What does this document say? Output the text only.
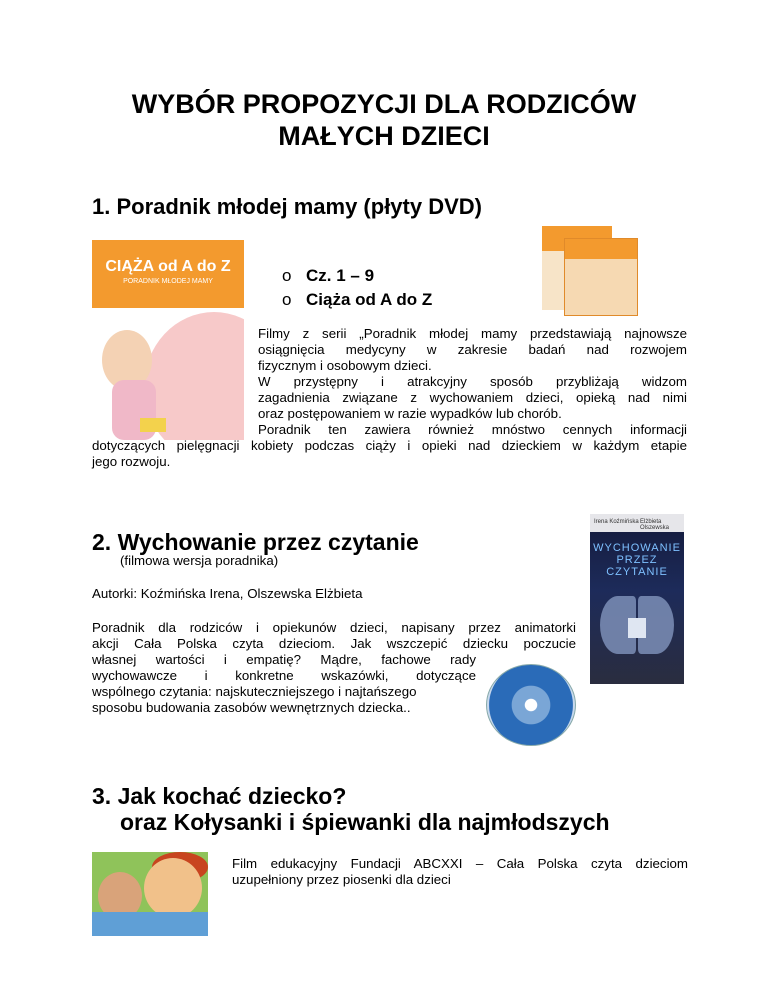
WYBÓR PROPOZYCJI DLA RODZICÓW
MAŁYCH DZIECI
1. Poradnik młodej mamy (płyty DVD)
CIĄŻA od A do Z
PORADNIK MŁODEJ MAMY	o Cz. 1 – 9
o Ciąża od A do Z
Filmy z serii „Poradnik młodej mamy przedstawiają najnowsze
osiągnięcia medycyny w zakresie badań nad rozwojem
fizycznym i osobowym dzieci.
W przystępny i atrakcyjny sposób przybliżają widzom
zagadnienia związane z wychowaniem dzieci, opieką nad nimi
oraz postępowaniem w razie wypadków lub chorób.
Poradnik ten zawiera również mnóstwo cennych informacji
dotyczących pielęgnacji kobiety podczas ciąży i opieki nad dzieckiem w każdym etapie
jego rozwoju.
2. Wychowanie przez czytanie
(filmowa wersja poradnika)
Autorki: Koźmińska Irena, Olszewska Elżbieta
Poradnik dla rodziców i opiekunów dzieci, napisany przez animatorki
akcji Cała Polska czyta dzieciom. Jak wszczepić dziecku poczucie
własnej wartości i empatię? Mądre, fachowe rady
wychowawcze i konkretne wskazówki, dotyczące
wspólnego czytania: najskuteczniejszego i najtańszego
sposobu budowania zasobów wewnętrznych dziecka..
Irena Koźmińska Elżbieta Olszewska
WYCHOWANIE
PRZEZ
CZYTANIE
3. Jak kochać dziecko?
oraz Kołysanki i śpiewanki dla najmłodszych
Film edukacyjny Fundacji ABCXXI – Cała Polska czyta dzieciom
uzupełniony przez piosenki dla dzieci
